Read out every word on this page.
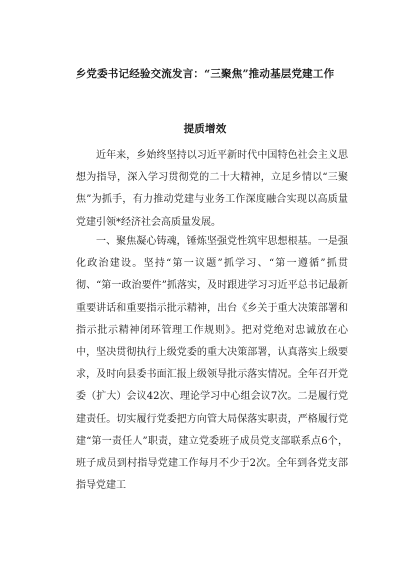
乡党委书记经验交流发言：“三聚焦”推动基层党建工作
提质增效

近年来，乡始终坚持以习近平新时代中国特色社会主义思想为指导，深入学习贯彻党的二十大精神，立足乡情以“三聚焦”为抓手，有力推动党建与业务工作深度融合实现以高质量党建引领*经济社会高质量发展。

一、聚焦凝心铸魂，锤炼坚强党性筑牢思想根基。一是强化政治建设。坚持“第一议题”抓学习、“第一遵循”抓贯彻、“第一政治要件”抓落实，及时跟进学习习近平总书记最新重要讲话和重要指示批示精神，出台《乡关于重大决策部署和指示批示精神闭环管理工作规则》。把对党绝对忠诚放在心中，坚决贯彻执行上级党委的重大决策部署，认真落实上级要求，及时向县委书面汇报上级领导批示落实情况。全年召开党委（扩大）会议42次、理论学习中心组会议7次。二是履行党建责任。切实履行党委把方向管大局保落实职责，严格履行党建“第一责任人”职责，建立党委班子成员党支部联系点6个，班子成员到村指导党建工作每月不少于2次。全年到各党支部指导党建工
